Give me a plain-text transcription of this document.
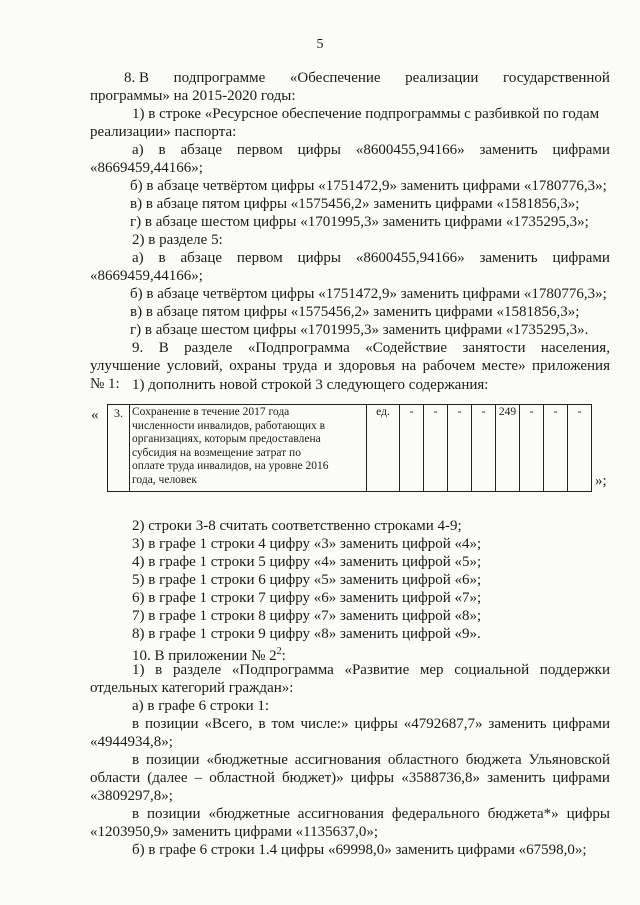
5
8. В подпрограмме «Обеспечение реализации государственной
программы» на 2015-2020 годы:
1) в строке «Ресурсное обеспечение подпрограммы с разбивкой по годам
реализации» паспорта:
а) в абзаце первом цифры «8600455,94166» заменить цифрами
«8669459,44166»;
б) в абзаце четвёртом цифры «1751472,9» заменить цифрами «1780776,3»;
в) в абзаце пятом цифры «1575456,2» заменить цифрами «1581856,3»;
г) в абзаце шестом цифры «1701995,3» заменить цифрами «1735295,3»;
2) в разделе 5:
а) в абзаце первом цифры «8600455,94166» заменить цифрами
«8669459,44166»;
б) в абзаце четвёртом цифры «1751472,9» заменить цифрами «1780776,3»;
в) в абзаце пятом цифры «1575456,2» заменить цифрами «1581856,3»;
г) в абзаце шестом цифры «1701995,3» заменить цифрами «1735295,3».
9. В разделе «Подпрограмма «Содействие занятости населения,
улучшение условий, охраны труда и здоровья на рабочем месте» приложения
№ 1: 1) дополнить новой строкой 3 следующего содержания:
« 3.	Сохранение в течение 2017 года
численности инвалидов, работающих в
организациях, которым предоставлена
субсидия на возмещение затрат по
оплате труда инвалидов, на уровне 2016
года, человек
	ед.	-	-	-	-	249	-	-	-
»;
2) строки 3-8 считать соответственно строками 4-9;
3) в графе 1 строки 4 цифру «3» заменить цифрой «4»;
4) в графе 1 строки 5 цифру «4» заменить цифрой «5»;
5) в графе 1 строки 6 цифру «5» заменить цифрой «6»;
6) в графе 1 строки 7 цифру «6» заменить цифрой «7»;
7) в графе 1 строки 8 цифру «7» заменить цифрой «8»;
8) в графе 1 строки 9 цифру «8» заменить цифрой «9».
10. В приложении № $2^2$:
1) в разделе «Подпрограмма «Развитие мер социальной поддержки
отдельных категорий граждан»:
а) в графе 6 строки 1:
в позиции «Всего, в том числе:» цифры «4792687,7» заменить цифрами
«4944934,8»;
в позиции «бюджетные ассигнования областного бюджета Ульяновской
области (далее – областной бюджет)» цифры «3588736,8» заменить цифрами
«3809297,8»;
в позиции «бюджетные ассигнования федерального бюджета*» цифры
«1203950,9» заменить цифрами «1135637,0»;
б) в графе 6 строки 1.4 цифры «69998,0» заменить цифрами «67598,0»;
